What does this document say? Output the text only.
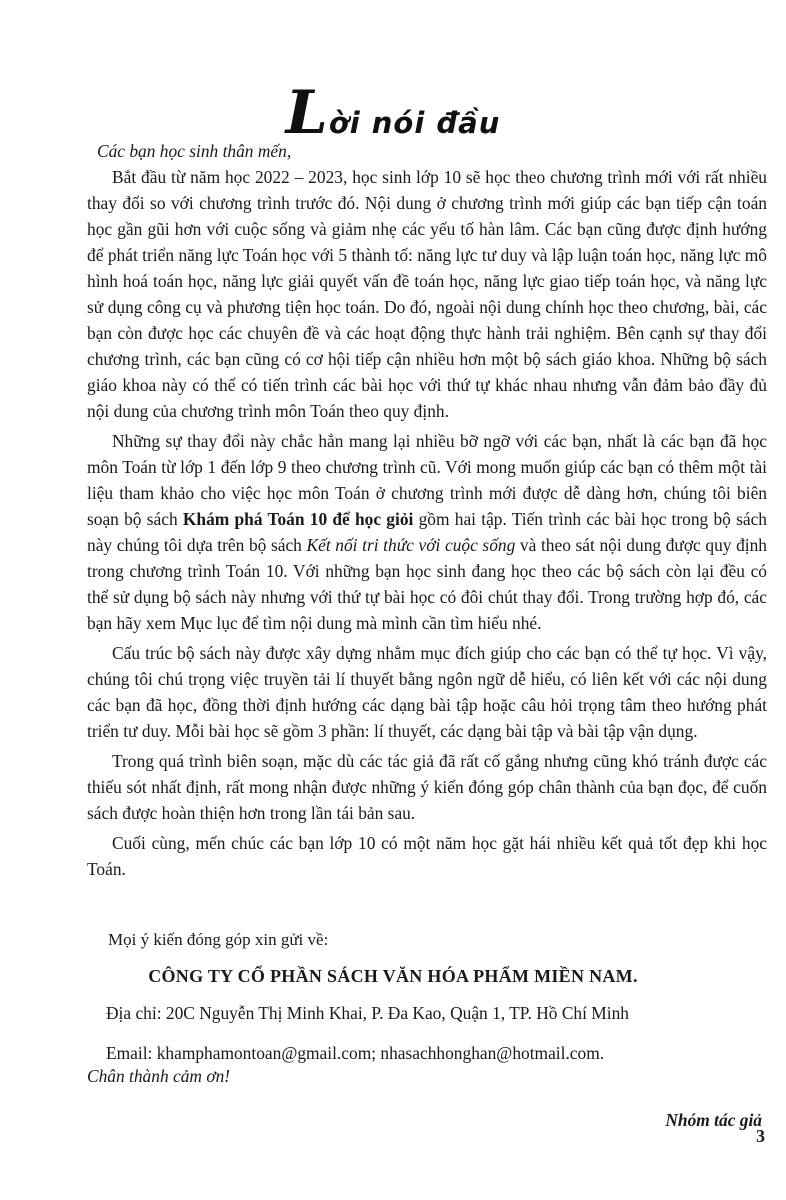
Lời nói đầu

Các bạn học sinh thân mến,

Bắt đầu từ năm học 2022 – 2023, học sinh lớp 10 sẽ học theo chương trình mới với rất nhiều thay đổi so với chương trình trước đó. Nội dung ở chương trình mới giúp các bạn tiếp cận toán học gần gũi hơn với cuộc sống và giảm nhẹ các yếu tố hàn lâm. Các bạn cũng được định hướng để phát triển năng lực Toán học với 5 thành tố: năng lực tư duy và lập luận toán học, năng lực mô hình hoá toán học, năng lực giải quyết vấn đề toán học, năng lực giao tiếp toán học, và năng lực sử dụng công cụ và phương tiện học toán. Do đó, ngoài nội dung chính học theo chương, bài, các bạn còn được học các chuyên đề và các hoạt động thực hành trải nghiệm. Bên cạnh sự thay đổi chương trình, các bạn cũng có cơ hội tiếp cận nhiều hơn một bộ sách giáo khoa. Những bộ sách giáo khoa này có thể có tiến trình các bài học với thứ tự khác nhau nhưng vẫn đảm bảo đầy đủ nội dung của chương trình môn Toán theo quy định.

Những sự thay đổi này chắc hẳn mang lại nhiều bỡ ngỡ với các bạn, nhất là các bạn đã học môn Toán từ lớp 1 đến lớp 9 theo chương trình cũ. Với mong muốn giúp các bạn có thêm một tài liệu tham khảo cho việc học môn Toán ở chương trình mới được dễ dàng hơn, chúng tôi biên soạn bộ sách Khám phá Toán 10 để học giỏi gồm hai tập. Tiến trình các bài học trong bộ sách này chúng tôi dựa trên bộ sách Kết nối tri thức với cuộc sống và theo sát nội dung được quy định trong chương trình Toán 10. Với những bạn học sinh đang học theo các bộ sách còn lại đều có thể sử dụng bộ sách này nhưng với thứ tự bài học có đôi chút thay đổi. Trong trường hợp đó, các bạn hãy xem Mục lục để tìm nội dung mà mình cần tìm hiểu nhé.

Cấu trúc bộ sách này được xây dựng nhằm mục đích giúp cho các bạn có thể tự học. Vì vậy, chúng tôi chú trọng việc truyền tải lí thuyết bằng ngôn ngữ dễ hiểu, có liên kết với các nội dung các bạn đã học, đồng thời định hướng các dạng bài tập hoặc câu hỏi trọng tâm theo hướng phát triển tư duy. Mỗi bài học sẽ gồm 3 phần: lí thuyết, các dạng bài tập và bài tập vận dụng.

Trong quá trình biên soạn, mặc dù các tác giả đã rất cố gắng nhưng cũng khó tránh được các thiếu sót nhất định, rất mong nhận được những ý kiến đóng góp chân thành của bạn đọc, để cuốn sách được hoàn thiện hơn trong lần tái bản sau.

Cuối cùng, mến chúc các bạn lớp 10 có một năm học gặt hái nhiều kết quả tốt đẹp khi học Toán.

Mọi ý kiến đóng góp xin gửi về:
CÔNG TY CỔ PHẦN SÁCH VĂN HÓA PHẨM MIỀN NAM.
Địa chỉ: 20C Nguyễn Thị Minh Khai, P. Đa Kao, Quận 1, TP. Hồ Chí Minh
Email: khamphamontoan@gmail.com; nhasachhonghan@hotmail.com.
Chân thành cảm ơn!
Nhóm tác giả
3
